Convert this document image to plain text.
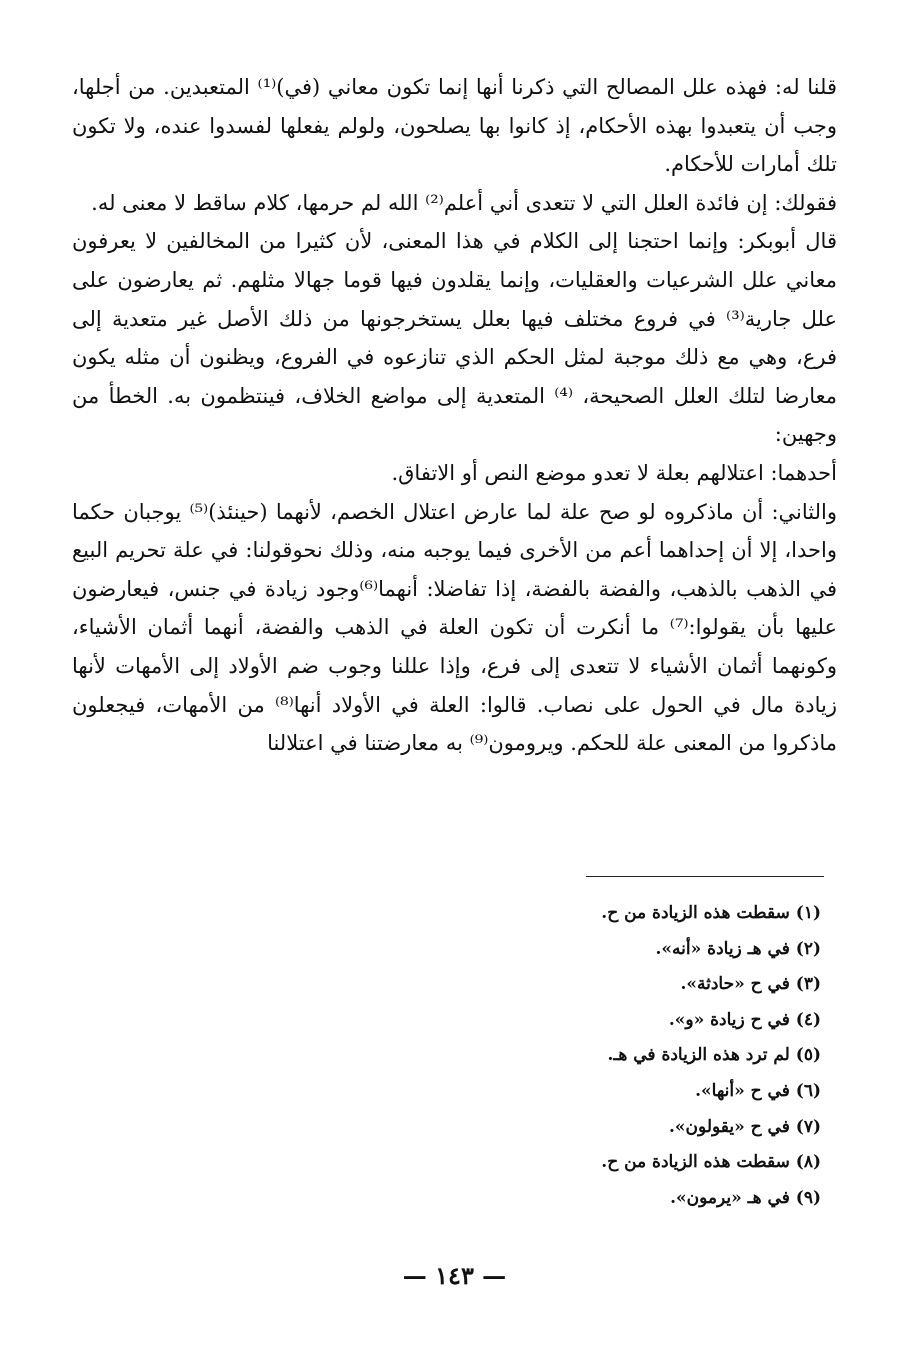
قلنا له: فهذه علل المصالح التي ذكرنا أنها إنما تكون معاني (في)⁽¹⁾ المتعبدين. من أجلها، وجب أن يتعبدوا بهذه الأحكام، إذ كانوا بها يصلحون، ولولم يفعلها لفسدوا عنده، ولا تكون تلك أمارات للأحكام.

فقولك: إن فائدة العلل التي لا تتعدى أني أعلم⁽²⁾ الله لم حرمها، كلام ساقط لا معنى له.

قال أبوبكر: وإنما احتجنا إلى الكلام في هذا المعنى، لأن كثيرا من المخالفين لا يعرفون معاني علل الشرعيات والعقليات، وإنما يقلدون فيها قوما جهالا مثلهم. ثم يعارضون على علل جارية⁽³⁾ في فروع مختلف فيها بعلل يستخرجونها من ذلك الأصل غير متعدية إلى فرع، وهي مع ذلك موجبة لمثل الحكم الذي تنازعوه في الفروع، ويظنون أن مثله يكون معارضا لتلك العلل الصحيحة، ⁽⁴⁾ المتعدية إلى مواضع الخلاف، فينتظمون به. الخطأ من وجهين:

أحدهما: اعتلالهم بعلة لا تعدو موضع النص أو الاتفاق.

والثاني: أن ماذكروه لو صح علة لما عارض اعتلال الخصم، لأنهما (حينئذ)⁽⁵⁾ يوجبان حكما واحدا، إلا أن إحداهما أعم من الأخرى فيما يوجبه منه، وذلك نحوقولنا: في علة تحريم البيع في الذهب بالذهب، والفضة بالفضة، إذا تفاضلا: أنهما⁽⁶⁾وجود زيادة في جنس، فيعارضون عليها بأن يقولوا:⁽⁷⁾ ما أنكرت أن تكون العلة في الذهب والفضة، أنهما أثمان الأشياء، وكونهما أثمان الأشياء لا تتعدى إلى فرع، وإذا عللنا وجوب ضم الأولاد إلى الأمهات لأنها زيادة مال في الحول على نصاب. قالوا: العلة في الأولاد أنها⁽⁸⁾ من الأمهات، فيجعلون ماذكروا من المعنى علة للحكم. ويرومون⁽⁹⁾ به معارضتنا في اعتلالنا

(١) سقطت هذه الزيادة من ح.
(٢) في هـ زيادة «أنه».
(٣) في ح «حادثة».
(٤) في ح زيادة «و».
(٥) لم ترد هذه الزيادة في هـ.
(٦) في ح «أنها».
(٧) في ح «يقولون».
(٨) سقطت هذه الزيادة من ح.
(٩) في هـ «يرمون».
— ١٤٣ —
